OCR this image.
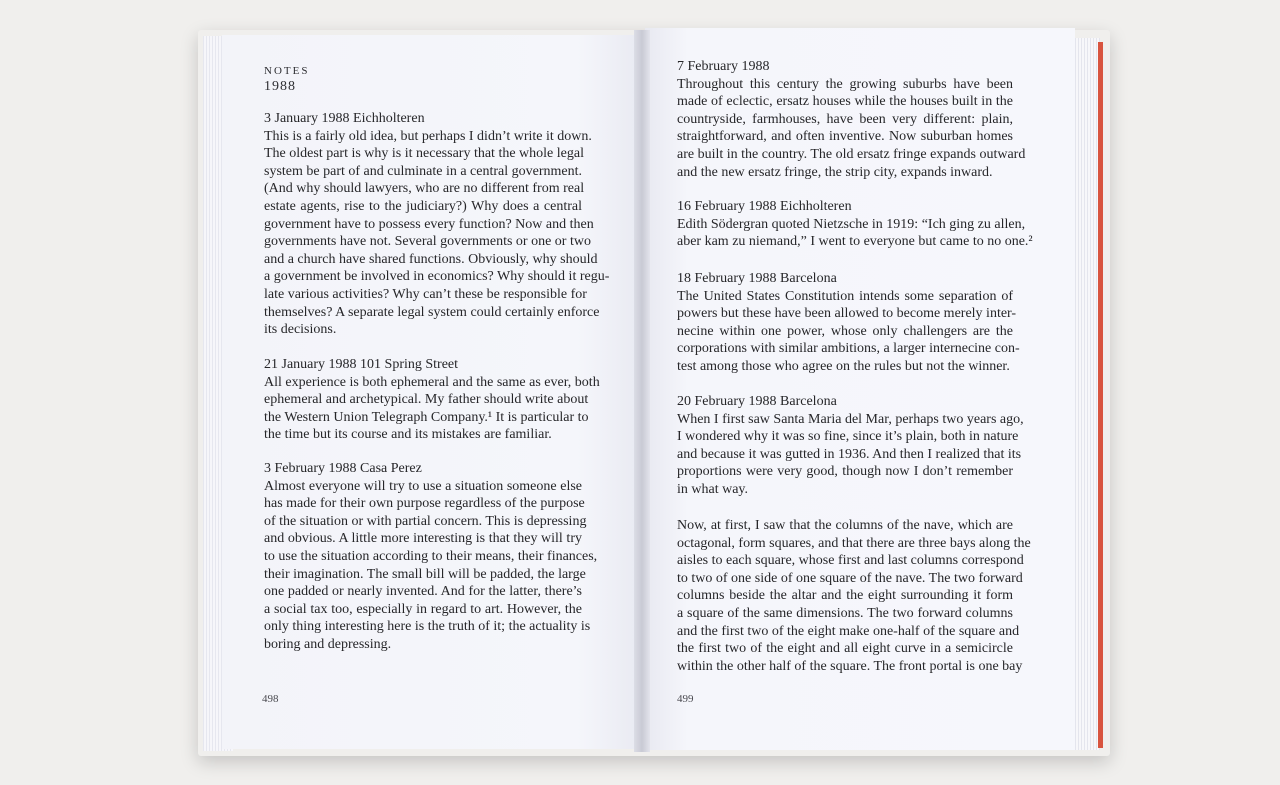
NOTES
1988
3 January 1988 Eichholteren
This is a fairly old idea, but perhaps I didn’t write it down.
The oldest part is why is it necessary that the whole legal
system be part of and culminate in a central government.
(And why should lawyers, who are no different from real
estate agents, rise to the judiciary?) Why does a central
government have to possess every function? Now and then
governments have not. Several governments or one or two
and a church have shared functions. Obviously, why should
a government be involved in economics? Why should it regu-
late various activities? Why can’t these be responsible for
themselves? A separate legal system could certainly enforce
its decisions.
21 January 1988 101 Spring Street
All experience is both ephemeral and the same as ever, both
ephemeral and archetypical. My father should write about
the Western Union Telegraph Company.¹ It is particular to
the time but its course and its mistakes are familiar.
3 February 1988 Casa Perez
Almost everyone will try to use a situation someone else
has made for their own purpose regardless of the purpose
of the situation or with partial concern. This is depressing
and obvious. A little more interesting is that they will try
to use the situation according to their means, their finances,
their imagination. The small bill will be padded, the large
one padded or nearly invented. And for the latter, there’s
a social tax too, especially in regard to art. However, the
only thing interesting here is the truth of it; the actuality is
boring and depressing.
7 February 1988
Throughout this century the growing suburbs have been
made of eclectic, ersatz houses while the houses built in the
countryside, farmhouses, have been very different: plain,
straightforward, and often inventive. Now suburban homes
are built in the country. The old ersatz fringe expands outward
and the new ersatz fringe, the strip city, expands inward.
16 February 1988 Eichholteren
Edith Södergran quoted Nietzsche in 1919: “Ich ging zu allen,
aber kam zu niemand,” I went to everyone but came to no one.²
18 February 1988 Barcelona
The United States Constitution intends some separation of
powers but these have been allowed to become merely inter-
necine within one power, whose only challengers are the
corporations with similar ambitions, a larger internecine con-
test among those who agree on the rules but not the winner.
20 February 1988 Barcelona
When I first saw Santa Maria del Mar, perhaps two years ago,
I wondered why it was so fine, since it’s plain, both in nature
and because it was gutted in 1936. And then I realized that its
proportions were very good, though now I don’t remember
in what way.
Now, at first, I saw that the columns of the nave, which are
octagonal, form squares, and that there are three bays along the
aisles to each square, whose first and last columns correspond
to two of one side of one square of the nave. The two forward
columns beside the altar and the eight surrounding it form
a square of the same dimensions. The two forward columns
and the first two of the eight make one-half of the square and
the first two of the eight and all eight curve in a semicircle
within the other half of the square. The front portal is one bay
498	499
